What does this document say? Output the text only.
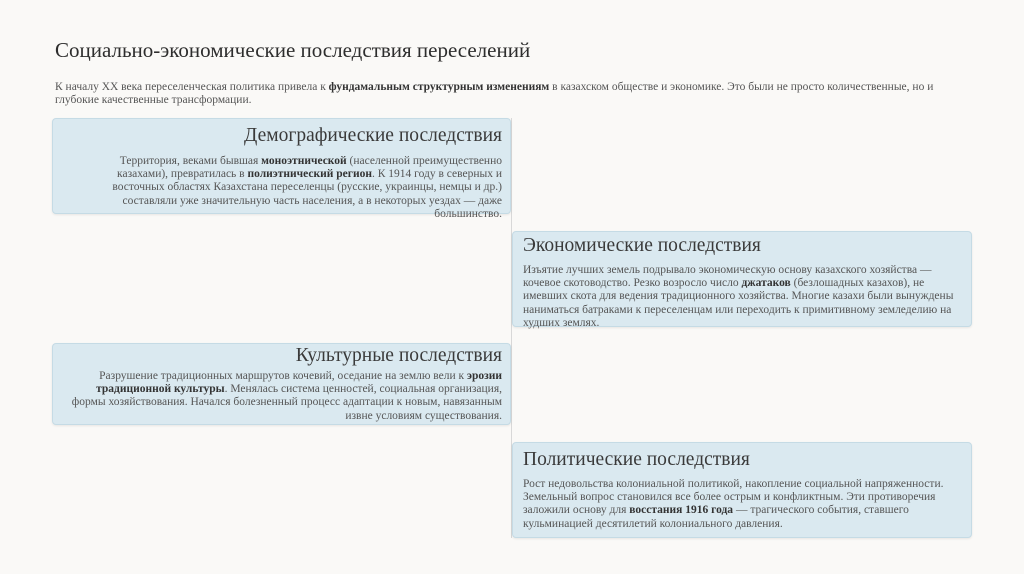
Социально-экономические последствия переселений

К началу XX века переселенческая политика привела к фундамальным структурным изменениям в казахском обществе и экономике. Это были не просто количественные, но и глубокие качественные трансформации.

Демографические последствия

Территория, веками бывшая моноэтнической (населенной преимущественно казахами), превратилась в полиэтнический регион. К 1914 году в северных и восточных областях Казахстана переселенцы (русские, украинцы, немцы и др.) составляли уже значительную часть населения, а в некоторых уездах — даже большинство.

Экономические последствия

Изъятие лучших земель подрывало экономическую основу казахского хозяйства — кочевое скотоводство. Резко возросло число джатаков (безлошадных казахов), не имевших скота для ведения традиционного хозяйства. Многие казахи были вынуждены наниматься батраками к переселенцам или переходить к примитивному земледелию на худших землях.

Культурные последствия

Разрушение традиционных маршрутов кочевий, оседание на землю вели к эрозии традиционной культуры. Менялась система ценностей, социальная организация, формы хозяйствования. Начался болезненный процесс адаптации к новым, навязанным извне условиям существования.

Политические последствия

Рост недовольства колониальной политикой, накопление социальной напряженности. Земельный вопрос становился все более острым и конфликтным. Эти противоречия заложили основу для восстания 1916 года — трагического события, ставшего кульминацией десятилетий колониального давления.
